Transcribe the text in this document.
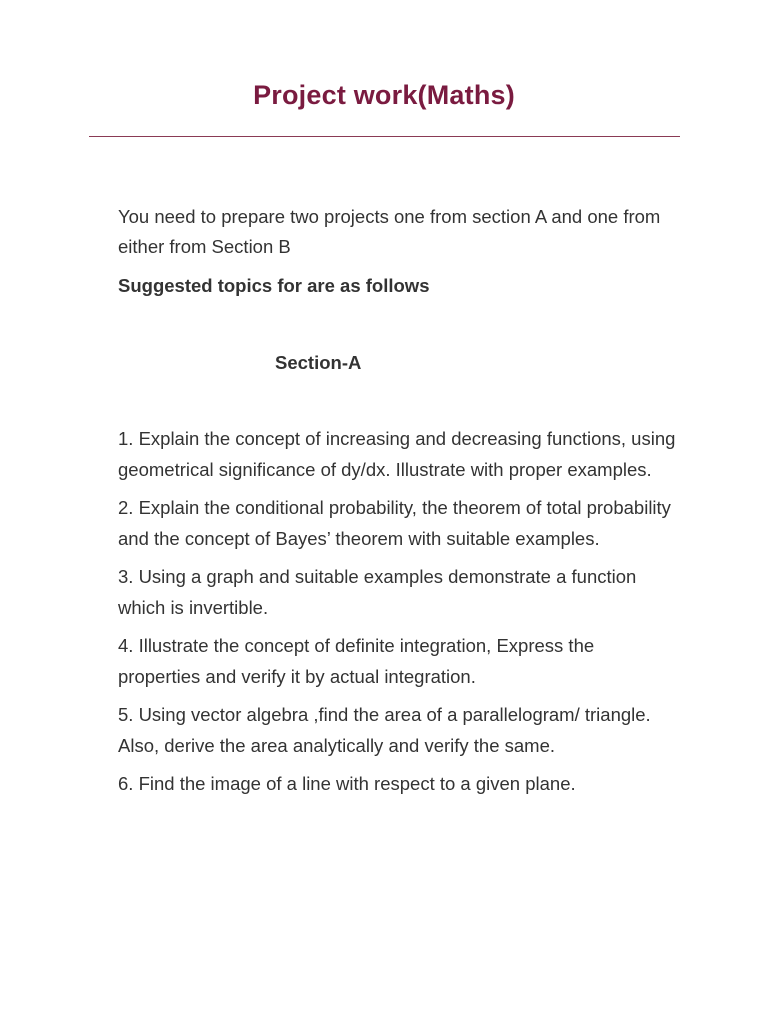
Project work(Maths)
You need to prepare two projects one from section A and one from either from Section B
Suggested topics for are as follows
Section-A
1. Explain the concept of increasing and decreasing functions, using geometrical significance of dy/dx. Illustrate with proper examples.
2. Explain the conditional probability, the theorem of total probability and the concept of Bayes’ theorem with suitable examples.
3. Using a graph and suitable examples demonstrate a function which is invertible.
4. Illustrate the concept of definite integration, Express the properties and verify it by actual integration.
5. Using vector algebra ,find the area of a parallelogram/ triangle. Also, derive the area analytically and verify the same.
6. Find the image of a line with respect to a given plane.
